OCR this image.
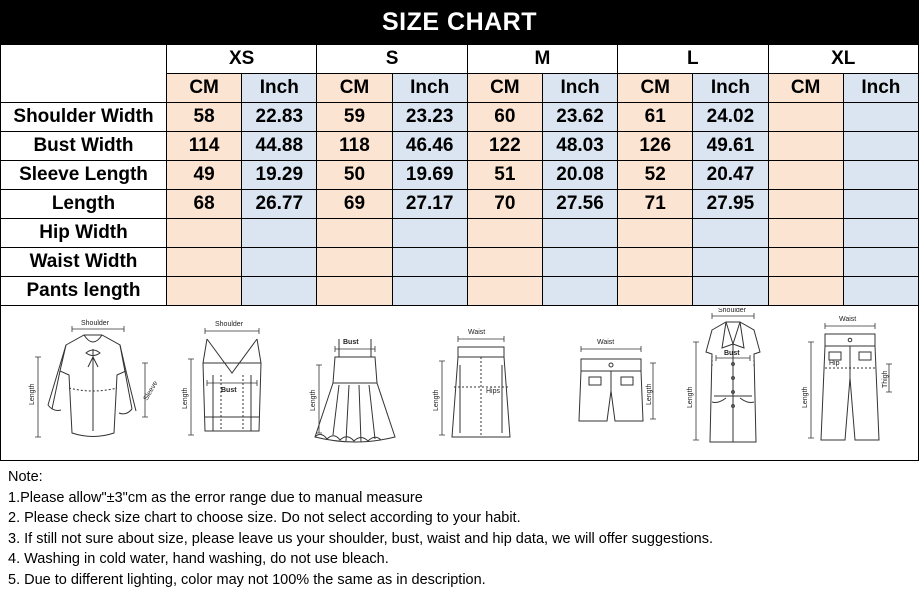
SIZE CHART
	XS		S		M		L		XL	
	CM	Inch	CM	Inch	CM	Inch	CM	Inch	CM	Inch
Shoulder Width	58	22.83	59	23.23	60	23.62	61	24.02		
Bust Width	114	44.88	118	46.46	122	48.03	126	49.61		
Sleeve Length	49	19.29	50	19.69	51	20.08	52	20.47		
Length	68	26.77	69	27.17	70	27.56	71	27.95		
Hip Width										
Waist Width										
Pants length										
Shoulder
Length	Sleeve
Shoulder
Bust
Length
Bust
Length
Waist
Hips
Length
Waist
Length
Shoulder
Bust
Length
Waist
Hip
Thigh
Length
Note:
1.Please allow"±3"cm as the error range due to manual measure
2. Please check size chart to choose size. Do not select according to your habit.
3. If still not sure about size, please leave us your shoulder, bust, waist and hip data, we will offer suggestions.
4. Washing in cold water, hand washing, do not use bleach.
5. Due to different lighting, color may not 100% the same as in description.
